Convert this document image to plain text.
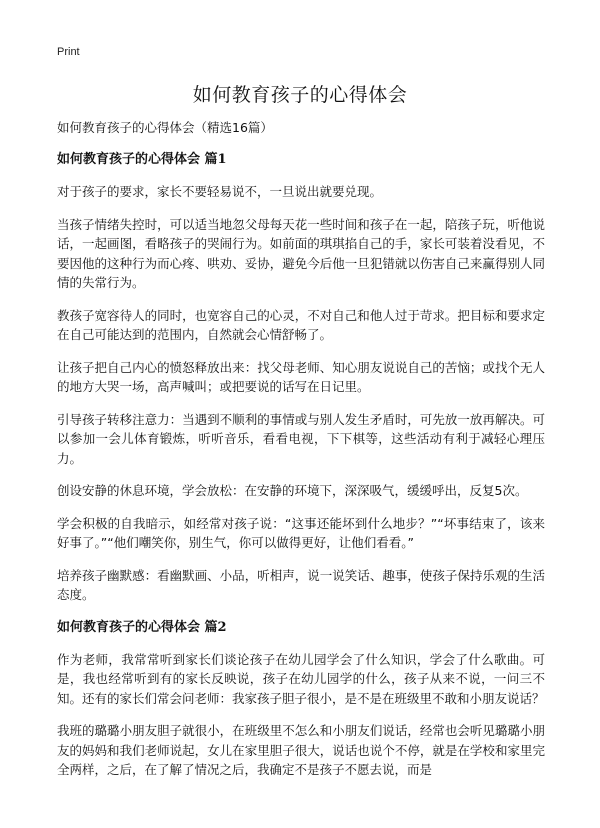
Print
如何教育孩子的心得体会

如何教育孩子的心得体会（精选16篇）

如何教育孩子的心得体会 篇1

对于孩子的要求，家长不要轻易说不，一旦说出就要兑现。

当孩子情绪失控时，可以适当地忽父母每天花一些时间和孩子在一起，陪孩子玩，听他说话，一起画图，看略孩子的哭闹行为。如前面的琪琪掐自己的手，家长可装着没看见，不要因他的这种行为而心疼、哄劝、妥协，避免今后他一旦犯错就以伤害自己来赢得别人同情的失常行为。

教孩子宽容待人的同时，也宽容自己的心灵，不对自己和他人过于苛求。把目标和要求定在自己可能达到的范围内，自然就会心情舒畅了。

让孩子把自己内心的愤怒释放出来：找父母老师、知心朋友说说自己的苦恼；或找个无人的地方大哭一场，高声喊叫；或把要说的话写在日记里。

引导孩子转移注意力：当遇到不顺利的事情或与别人发生矛盾时，可先放一放再解决。可以参加一会儿体育锻炼，听听音乐，看看电视，下下棋等，这些活动有利于减轻心理压力。

创设安静的休息环境，学会放松：在安静的环境下，深深吸气，缓缓呼出，反复5次。

学会积极的自我暗示，如经常对孩子说：“这事还能坏到什么地步？”“坏事结束了，该来好事了。”“他们嘲笑你，别生气，你可以做得更好，让他们看看。”

培养孩子幽默感：看幽默画、小品，听相声，说一说笑话、趣事，使孩子保持乐观的生活态度。

如何教育孩子的心得体会 篇2

作为老师，我常常听到家长们谈论孩子在幼儿园学会了什么知识，学会了什么歌曲。可是，我也经常听到有的家长反映说，孩子在幼儿园学的什么，孩子从来不说，一问三不知。还有的家长们常会问老师：我家孩子胆子很小，是不是在班级里不敢和小朋友说话？

我班的璐璐小朋友胆子就很小，在班级里不怎么和小朋友们说话，经常也会听见璐璐小朋友的妈妈和我们老师说起，女儿在家里胆子很大，说话也说个不停，就是在学校和家里完全两样，之后，在了解了情况之后，我确定不是孩子不愿去说，而是
